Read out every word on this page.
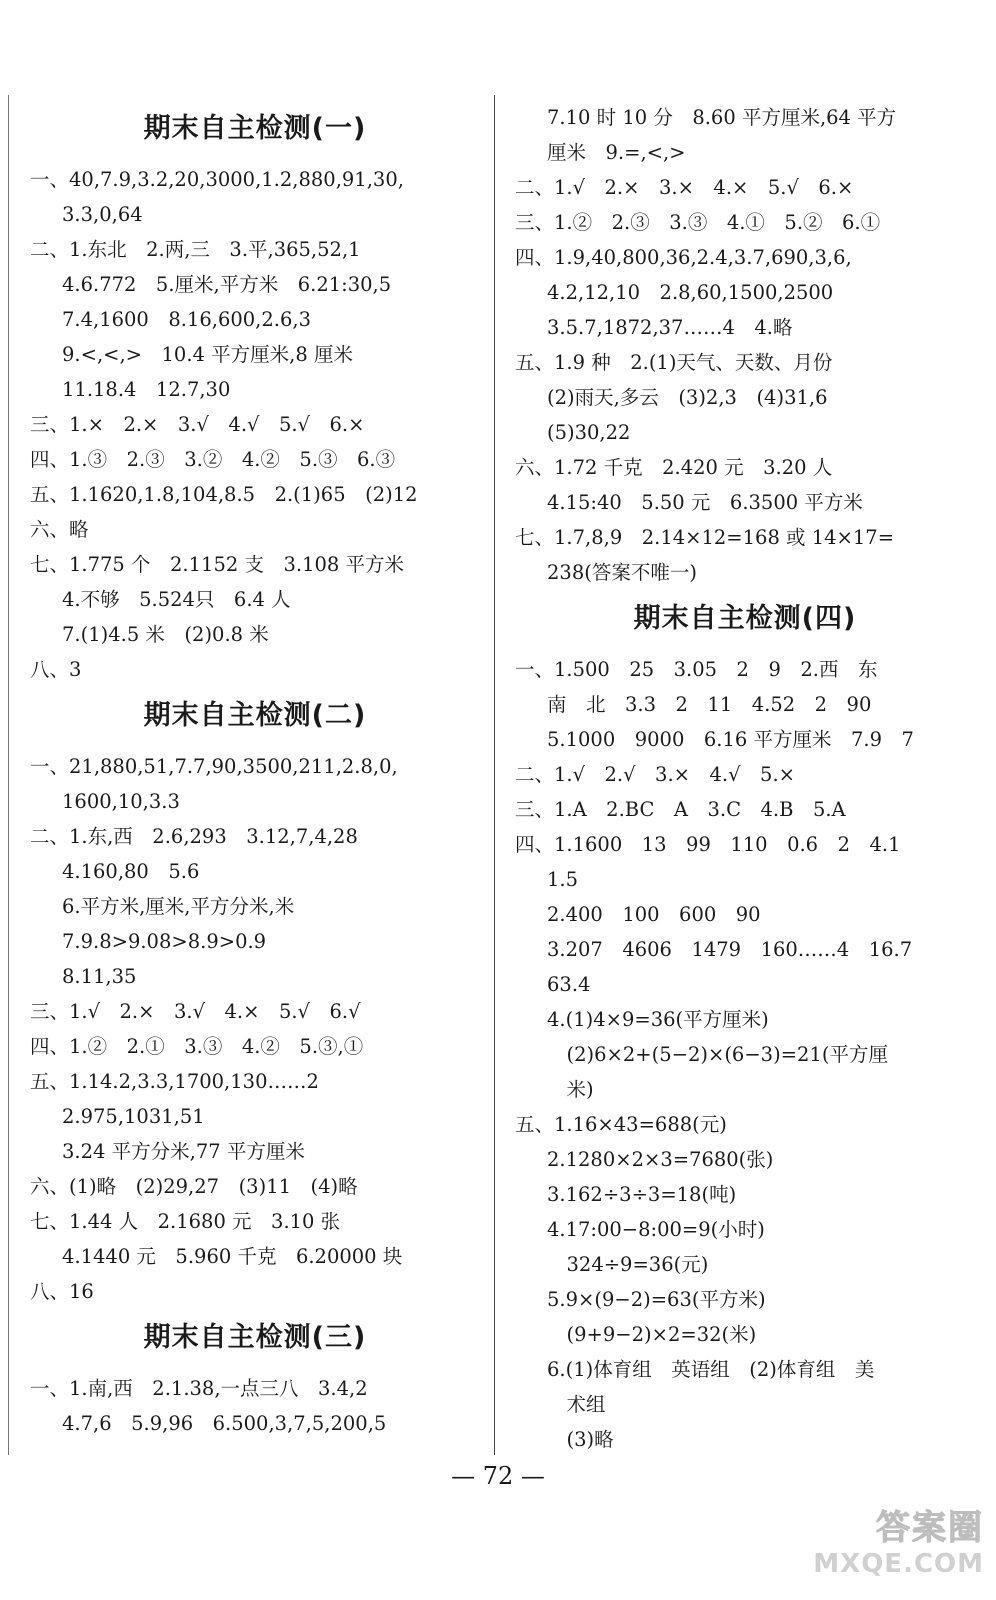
期末自主检测(一)
一、40,7.9,3.2,20,3000,1.2,880,91,30,
3.3,0,64
二、1.东北　2.两,三　3.平,365,52,1
4.6.772　5.厘米,平方米　6.21:30,5
7.4,1600　8.16,600,2.6,3
9.<,<,>　10.4 平方厘米,8 厘米
11.18.4　12.7,30
三、1.×　2.×　3.√　4.√　5.√　6.×
四、1.③　2.③　3.②　4.②　5.③　6.③
五、1.1620,1.8,104,8.5　2.(1)65　(2)12
六、略
七、1.775 个　2.1152 支　3.108 平方米
4.不够　5.524只　6.4 人
7.(1)4.5 米　(2)0.8 米
八、3
期末自主检测(二)
一、21,880,51,7.7,90,3500,211,2.8,0,
1600,10,3.3
二、1.东,西　2.6,293　3.12,7,4,28
4.160,80　5.6
6.平方米,厘米,平方分米,米
7.9.8>9.08>8.9>0.9
8.11,35
三、1.√　2.×　3.√　4.×　5.√　6.√
四、1.②　2.①　3.③　4.②　5.③,①
五、1.14.2,3.3,1700,130……2
2.975,1031,51
3.24 平方分米,77 平方厘米
六、(1)略　(2)29,27　(3)11　(4)略
七、1.44 人　2.1680 元　3.10 张
4.1440 元　5.960 千克　6.20000 块
八、16
期末自主检测(三)
一、1.南,西　2.1.38,一点三八　3.4,2
4.7,6　5.9,96　6.500,3,7,5,200,5
7.10 时 10 分　8.60 平方厘米,64 平方
厘米　9.=,<,>
二、1.√　2.×　3.×　4.×　5.√　6.×
三、1.②　2.③　3.③　4.①　5.②　6.①
四、1.9,40,800,36,2.4,3.7,690,3,6,
4.2,12,10　2.8,60,1500,2500
3.5.7,1872,37……4　4.略
五、1.9 种　2.(1)天气、天数、月份
(2)雨天,多云　(3)2,3　(4)31,6
(5)30,22
六、1.72 千克　2.420 元　3.20 人
4.15:40　5.50 元　6.3500 平方米
七、1.7,8,9　2.14×12=168 或 14×17=
238(答案不唯一)
期末自主检测(四)
一、1.500　25　3.05　2　9　2.西　东
南　北　3.3　2　11　4.52　2　90
5.1000　9000　6.16 平方厘米　7.9　7
二、1.√　2.√　3.×　4.√　5.×
三、1.A　2.BC　A　3.C　4.B　5.A
四、1.1600　13　99　110　0.6　2　4.1
1.5
2.400　100　600　90
3.207　4606　1479　160……4　16.7
63.4
4.(1)4×9=36(平方厘米)
　(2)6×2+(5−2)×(6−3)=21(平方厘
　米)
五、1.16×43=688(元)
2.1280×2×3=7680(张)
3.162÷3÷3=18(吨)
4.17:00−8:00=9(小时)
　324÷9=36(元)
5.9×(9−2)=63(平方米)
　(9+9−2)×2=32(米)
6.(1)体育组　英语组　(2)体育组　美
　术组
　(3)略
— 72 —
答案圈
MXQE.COM
